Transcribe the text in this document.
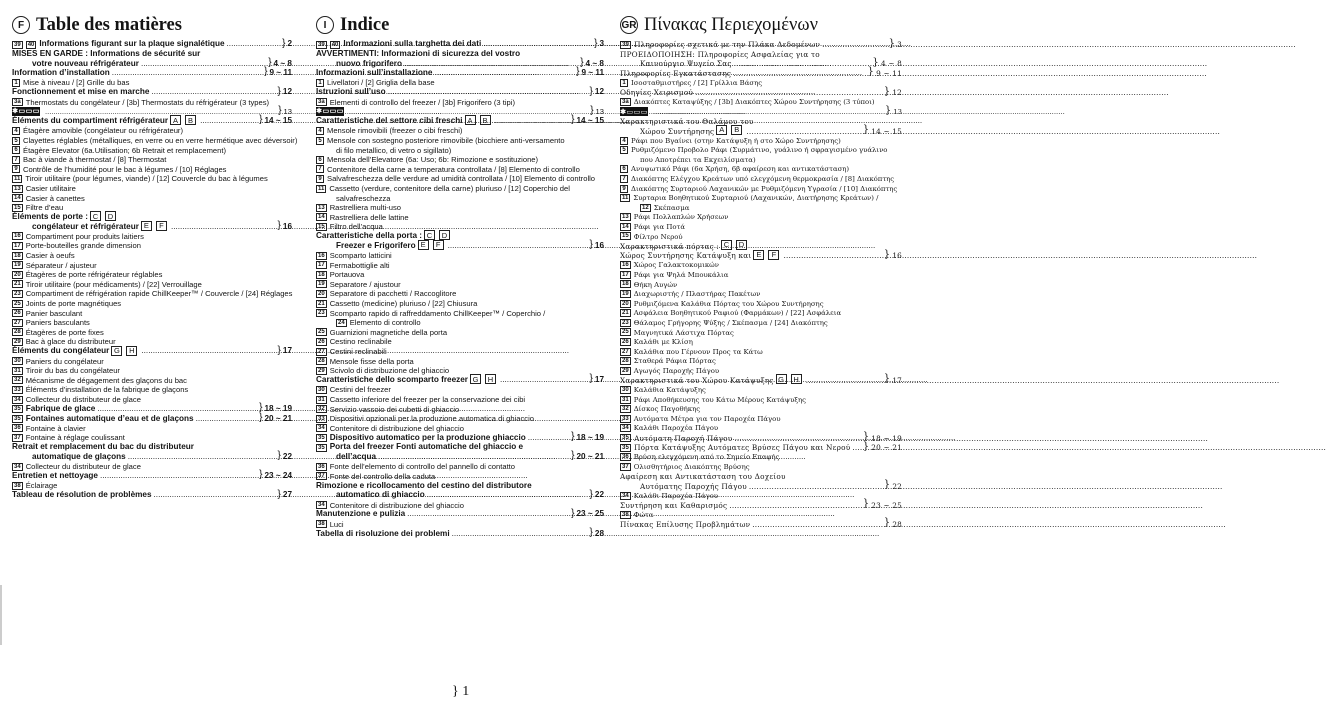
F Table des matières
39	40 Informations figurant sur la plaque signalétique .....	} 2
MISES EN GARDE : Informations de sécurité sur
votre nouveau réfrigérateur .....	} 4 ~ 8
Information d’installation .....	} 9 ~ 11
1 Mise à niveau / [2] Grille du bas
Fonctionnement et mise en marche .....	} 12
3a Thermostats du congélateur / [3b] Thermostats du réfrigérateur (3 types)
✱▭▭▭ .....	} 13
Éléments du compartiment réfrigérateur A	B .....	} 14 ~ 15
4 Étagère amovible (congélateur ou réfrigérateur)
5 Clayettes réglables (métalliques, en verre ou en verre hermétique avec déversoir)
6 Étagère Elevator (6a.Utilisation; 6b Retrait et remplacement)
7 Bac à viande à thermostat / [8] Thermostat
9 Contrôle de l’humidité pour le bac à légumes / [10] Réglages
11 Tiroir utilitaire (pour légumes, viande) / [12] Couvercle du bac à légumes
13 Casier utilitaire
14 Casier à canettes
15 Filtre d’eau
Éléments de porte : C	D
congélateur et réfrigérateur E	F .....	} 16
16 Compartiment pour produits laitiers
17 Porte-bouteilles grande dimension
18 Casier à oeufs
19 Séparateur / ajusteur
20 Étagères de porte réfrigérateur réglables
21 Tiroir utilitaire (pour médicaments) / [22] Verrouillage
23 Compartiment de réfrigération rapide ChillKeeper™ / Couvercle / [24] Réglages
25 Joints de porte magnétiques
26 Panier basculant
27 Paniers basculants
28 Étagères de porte fixes
29 Bac à glace du distributeur
Éléments du congélateur G	H .....	} 17
30 Paniers du congélateur
31 Tiroir du bas du congélateur
32 Mécanisme de dégagement des glaçons du bac
33 Éléments d’installation de la fabrique de glaçons
34 Collecteur du distributeur de glace
35 Fabrique de glace .....	} 18 ~ 19
35 Fontaines automatique d’eau et de glaçons .....	} 20 ~ 21
36 Fontaine à clavier
37 Fontaine à réglage coulissant
Retrait et remplacement du bac du distributeur
automatique de glaçons .....	} 22
34 Collecteur du distributeur de glace
Entretien et nettoyage .....	} 23 ~ 24
38 Éclairage
Tableau de résolution de problèmes .....	} 27
I Indice
39	40 Informazioni sulla targhetta dei dati .....	} 3
AVVERTIMENTI: Informazioni di sicurezza del vostro
nuovo frigorifero .....	} 4 ~ 8
Informazioni sull’installazione .....	} 9 ~ 11
1 Livellatori / [2] Griglia della base
Istruzioni sull’uso .....	} 12
3a Elementi di controllo del freezer / [3b] Frigorifero (3 tipi)
✱▭▭▭ .....	} 13
Caratteristiche del settore cibi freschi A	B .....	} 14 ~ 15
4 Mensole rimovibili (freezer o cibi freschi)
5 Mensole con sostegno posteriore rimovibile (bicchiere anti-versamento
di filo metallico, di vetro o sigillato)
6 Mensola dell’Elevatore (6a: Uso; 6b: Rimozione e sostituzione)
7 Contenitore della carne a temperatura controllata / [8] Elemento di controllo
9 Salvafreschezza delle verdure ad umidità controllata / [10] Elemento di controllo
11 Cassetto (verdure, contenitore della carne) pluriuso / [12] Coperchio del
salvafreschezza
13 Rastrelliera multi-uso
14 Rastrelliera delle lattine
15 Filtro dell’acqua
Caratteristiche della porta : C	D
Freezer e Frigorifero E	F .....	} 16
16 Scomparto latticini
17 Fermabottiglie alti
18 Portauova
19 Separatore / ajustour
20 Separatore di pacchetti / Raccoglitore
21 Cassetto (medicine) pluriuso / [22] Chiusura
23 Scomparto rapido di raffreddamento ChillKeeper™ / Coperchio /
24 Elemento di controllo
25 Guarnizioni magnetiche della porta
26 Cestino reclinabile
27 Cestini reclinabili
28 Mensole fisse della porta
29 Scivolo di distribuzione del ghiaccio
Caratteristiche dello scomparto freezer G	H .....	} 17
30 Cestini del freezer
31 Cassetto inferiore del freezer per la conservazione dei cibi
32 Servizio vassoio dei cubetti di ghiaccio
33 Dispositivi opzionali per la produzione automatica di ghiaccio
34 Contenitore di distribuzione del ghiaccio
35 Dispositivo automatico per la produzione ghiaccio .....	} 18 ~ 19
35 Porta del freezer Fonti automatiche del ghiaccio e
dell’acqua .....	} 20 ~ 21
36 Fonte dell’elemento di controllo del pannello di contatto
37 Fonte del controllo della caduta
Rimozione e ricollocamento del cestino del distributore
automatico di ghiaccio .....	} 22
34 Contenitore di distribuzione del ghiaccio
Manutenzione e pulizia .....	} 23 ~ 25
38 Luci
Tabella di risoluzione dei problemi .....	} 28
GR Πίνακας Περιεχομένων
39 Πληροφορίες σχετικά με την Πλάκα Δεδομένων .....	} 3
ΠΡΟΕΙΔΟΠΟΙΗΣΗ: Πληροφορίες Ασφαλείας για το
Καινούργιο Ψυγείο Σας .....	} 4 ~ 8
Πληροφορίες Εγκατάστασης .....	} 9 ~ 11
1 Ισοσταθμιστήρες / [2] Γρίλλια Βάσης
Οδηγίες Χειρισμού .....	} 12
3a Διακόπτες Καταψύξης / [3b] Διακόπτες Χώρου Συντήρησης (3 τύποι)
✱▭▭▭ .....	} 13
Χαρακτηριστικά του Θαλάμου του
Χώρου Συντήρησης A	B .....	} 14 ~ 15
4 Ράφι που Βγαίνει (στην Κατάψυξη ή στο Χώρο Συντήρησης)
5 Ρυθμιζόμενο Προβολο Ράφι (Συρμάτινο, γυάλινο ή σφραγισμένο γυάλινο
που Αποτρέπει τα Εκχειλίσματα)
6 Ανυψωτικό Ράφι (6α Χρήση, 6β αφαίρεση και αντικατάσταση)
7 Διακόπτης Ελέγχου Κρεάτων υπό ελεγχόμενη θερμοκρασία / [8] Διακόπτης
9 Διακόπτης Συρταριού Λαχανικών με Ρυθμιζόμενη Υγρασία / [10] Διακόπτης
11 Συρταρια Βοηθητικού Συρταριού (Λαχανικών, Διατήρησης Κρεάτων) /
12 Σκέπασμα
13 Ράφι Πολλαπλών Χρήσεων
14 Ράφι για Ποτά
15 Φίλτρο Νερού
Χαρακτηριστικά πόρτας : C	D
Χώρος Συντήρησης Κατάψυξη και E	F .....	} 16
16 Χώρος Γαλακτοκομικών
17 Ράφι για Ψηλά Μπουκάλια
18 Θήκη Αυγών
19 Διαχωριστής / Πλαστήρας Πακέτων
20 Ρυθμιζόμενα Καλάθια Πόρτας του Χώρου Συντήρησης
21 Ασφάλεια Βοηθητικού Ραφιού (Φαρμάκων) / [22] Ασφάλεια
23 Θάλαμος Γρήγορης Ψύξης / Σκέπασμα / [24] Διακόπτης
25 Μαγνητικά Λάστιχα Πόρτας
26 Καλάθι με Κλίση
27 Καλάθια που Γέρνουν Προς τα Κάτω
28 Σταθερά Ράφια Πόρτας
29 Αγωγός Παροχής Πάγου
Χαρακτηριστικά του Χώρου Κατάψυξης G	H .....	} 17
30 Καλάθια Κατάψυξης
31 Ράφι Αποθήκευσης του Κάτω Μέρους Κατάψυξης
32 Δίσκος Παγοθήκης
33 Αυτόματα Μέτρα για τον Παροχέα Πάγου
34 Καλάθι Παροχέα Πάγου
35 Αυτόματη Παροχή Πάγου .....	} 18 ~ 19
35 Πόρτα Κατάψυξης Αυτόματες Βρύσες Πάγου και Νερού ..... } 20 ~ 21
36 Βρύση ελεγχόμενη από το Σημείο Επαφής
37 Ολισθητήριος Διακόπτης Βρύσης
Αφαίρεση και Αντικατάσταση του Δοχείου
Αυτόματης Παροχής Πάγου .....	} 22
34 Καλάθι Παροχέα Πάγου
Συντήρηση και Καθαρισμός .....	} 23 ~ 25
38 Φώτα
Πίνακας Επίλυσης Προβλημάτων .....	} 28
} 1
